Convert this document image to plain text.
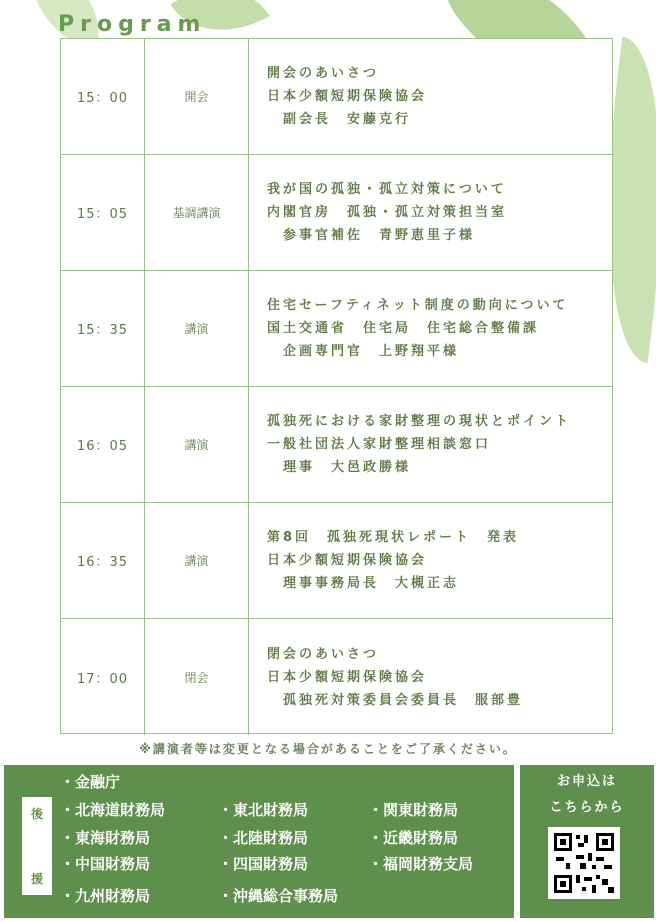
Program
15：00	開会
開会のあいさつ
日本少額短期保険協会
副会長　安藤克行
15：05	基調講演
我が国の孤独・孤立対策について
内閣官房　孤独・孤立対策担当室
参事官補佐　青野恵里子様
15：35	講演
住宅セーフティネット制度の動向について
国土交通省　住宅局　住宅総合整備課
企画専門官　上野翔平様
16：05	講演
孤独死における家財整理の現状とポイント
一般社団法人家財整理相談窓口
理事　大邑政勝様
16：35	講演
第8回　孤独死現状レポート　発表
日本少額短期保険協会
理事事務局長　大槻正志
17：00	閉会
閉会のあいさつ
日本少額短期保険協会
孤独死対策委員会委員長　服部豊
※講演者等は変更となる場合があることをご了承ください。
後
援
・金融庁
・北海道財務局	・東北財務局	・関東財務局
・東海財務局	・北陸財務局	・近畿財務局
・中国財務局	・四国財務局	・福岡財務支局
・九州財務局	・沖縄総合事務局
お申込は
こちらから
